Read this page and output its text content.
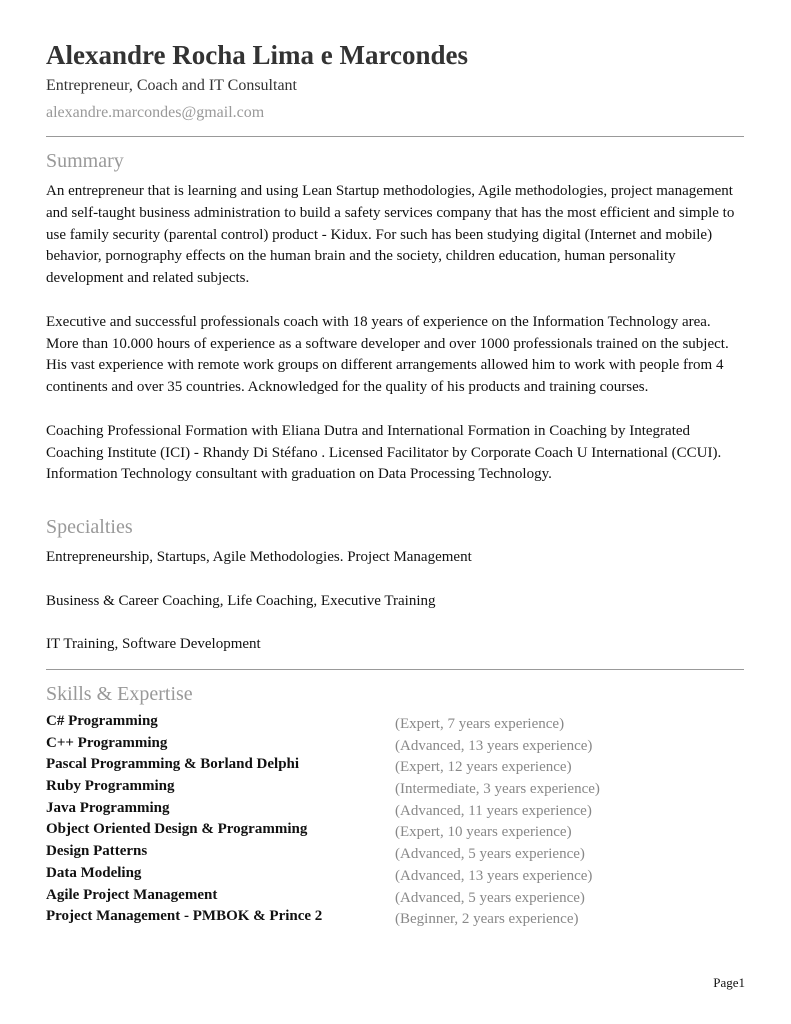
Alexandre Rocha Lima e Marcondes
Entrepreneur, Coach and IT Consultant
alexandre.marcondes@gmail.com
Summary

An entrepreneur that is learning and using Lean Startup methodologies, Agile methodologies, project management and self-taught business administration to build a safety services company that has the most efficient and simple to use family security (parental control) product - Kidux. For such has been studying digital (Internet and mobile) behavior, pornography effects on the human brain and the society, children education, human personality development and related subjects.

Executive and successful professionals coach with 18 years of experience on the Information Technology area. More than 10.000 hours of experience as a software developer and over 1000 professionals trained on the subject. His vast experience with remote work groups on different arrangements allowed him to work with people from 4 continents and over 35 countries. Acknowledged for the quality of his products and training courses.

Coaching Professional Formation with Eliana Dutra and International Formation in Coaching by Integrated Coaching Institute (ICI) - Rhandy Di Stéfano . Licensed Facilitator by Corporate Coach U International (CCUI). Information Technology consultant with graduation on Data Processing Technology.

Specialties
Entrepreneurship, Startups, Agile Methodologies. Project Management
Business & Career Coaching, Life Coaching, Executive Training
IT Training, Software Development
Skills & Expertise
C# Programming	(Expert, 7 years experience)
C++ Programming	(Advanced, 13 years experience)
Pascal Programming & Borland Delphi	(Expert, 12 years experience)
Ruby Programming	(Intermediate, 3 years experience)
Java Programming	(Advanced, 11 years experience)
Object Oriented Design & Programming	(Expert, 10 years experience)
Design Patterns	(Advanced, 5 years experience)
Data Modeling	(Advanced, 13 years experience)
Agile Project Management	(Advanced, 5 years experience)
Project Management - PMBOK & Prince 2	(Beginner, 2 years experience)
Page1
